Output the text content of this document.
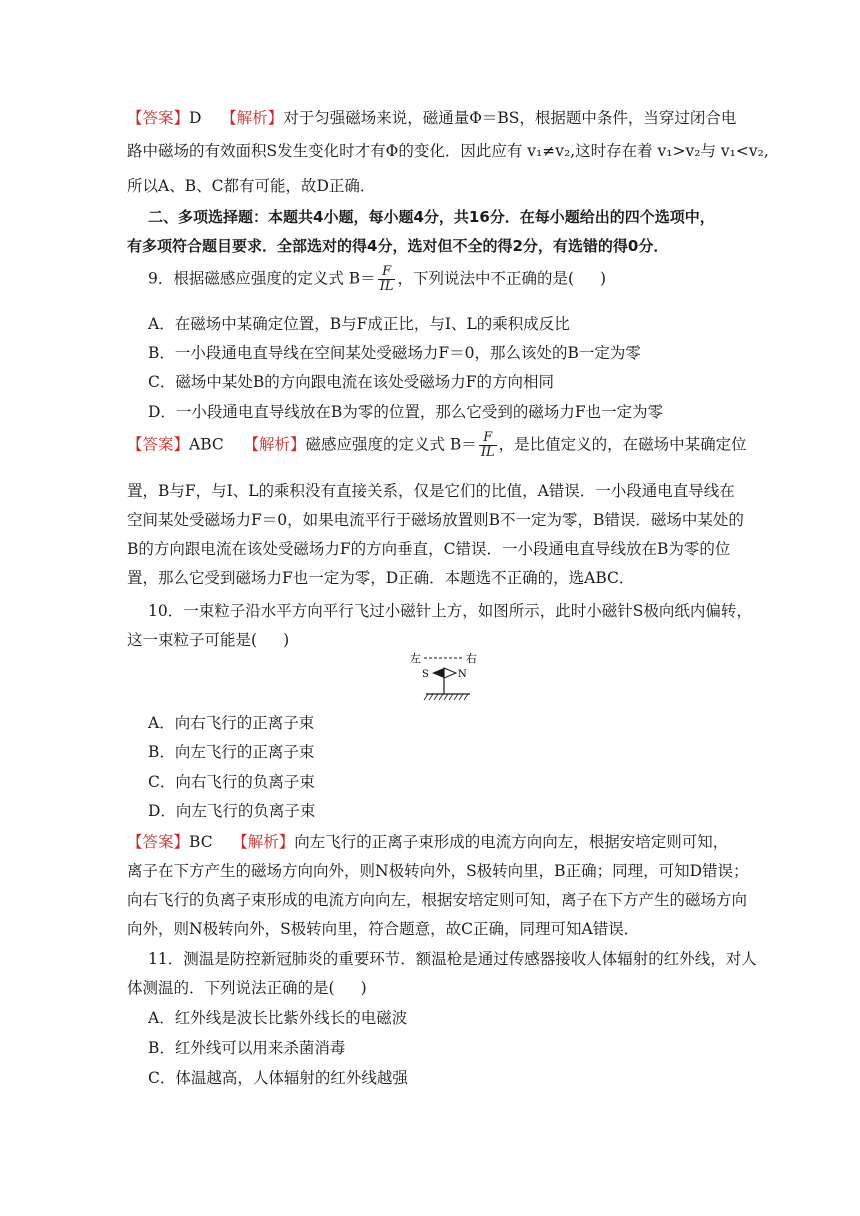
【答案】D 【解析】对于匀强磁场来说，磁通量Φ＝BS，根据题中条件，当穿过闭合电
路中磁场的有效面积S发生变化时才有Φ的变化．因此应有 v₁≠v₂,这时存在着 v₁>v₂与 v₁<v₂,
所以A、B、C都有可能，故D正确．
二、多项选择题：本题共4小题，每小题4分，共16分．在每小题给出的四个选项中，
有多项符合题目要求．全部选对的得4分，选对但不全的得2分，有选错的得0分．
9．根据磁感应强度的定义式 $B= \frac{F}{IL}$ ，下列说法中不正确的是( )
A．在磁场中某确定位置，B与F成正比，与I、L的乘积成反比
B．一小段通电直导线在空间某处受磁场力F＝0，那么该处的B一定为零
C．磁场中某处B的方向跟电流在该处受磁场力F的方向相同
D．一小段通电直导线放在B为零的位置，那么它受到的磁场力F也一定为零
【答案】ABC 【解析】磁感应强度的定义式 $B= \frac{F}{IL}$ ，是比值定义的，在磁场中某确定位
置，B与F，与I、L的乘积没有直接关系，仅是它们的比值，A错误．一小段通电直导线在
空间某处受磁场力F＝0，如果电流平行于磁场放置则B不一定为零，B错误．磁场中某处的
B的方向跟电流在该处受磁场力F的方向垂直，C错误．一小段通电直导线放在B为零的位
置，那么它受到磁场力F也一定为零，D正确．本题选不正确的，选ABC．
10．一束粒子沿水平方向平行飞过小磁针上方，如图所示，此时小磁针S极向纸内偏转，
这一束粒子可能是( )
左	右
S	N
A．向右飞行的正离子束
B．向左飞行的正离子束
C．向右飞行的负离子束
D．向左飞行的负离子束
【答案】BC 【解析】向左飞行的正离子束形成的电流方向向左，根据安培定则可知，
离子在下方产生的磁场方向向外，则N极转向外，S极转向里，B正确；同理，可知D错误；
向右飞行的负离子束形成的电流方向向左，根据安培定则可知，离子在下方产生的磁场方向
向外，则N极转向外，S极转向里，符合题意，故C正确，同理可知A错误．
11．测温是防控新冠肺炎的重要环节．额温枪是通过传感器接收人体辐射的红外线，对人
体测温的．下列说法正确的是( )
A．红外线是波长比紫外线长的电磁波
B．红外线可以用来杀菌消毒
C．体温越高，人体辐射的红外线越强
